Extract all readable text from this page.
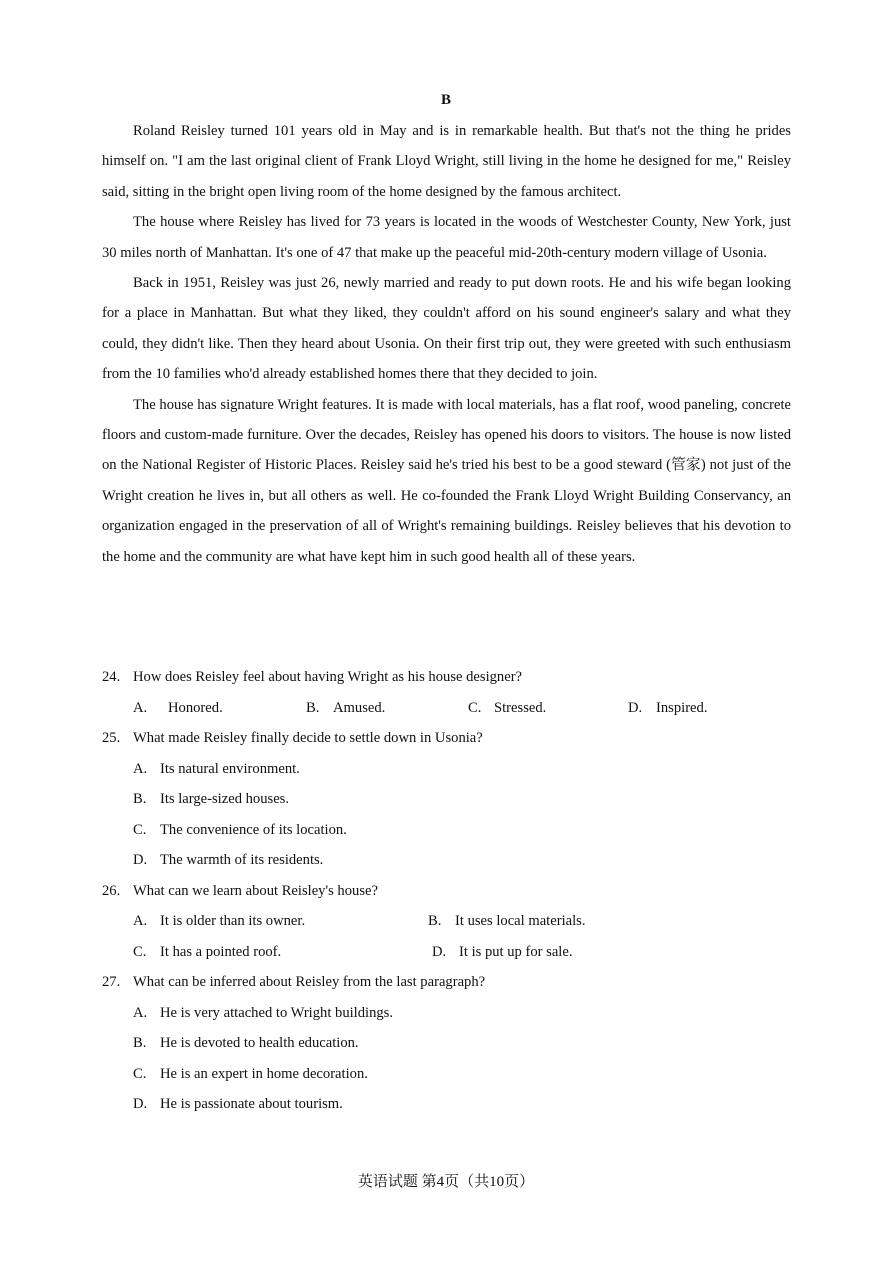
B

Roland Reisley turned 101 years old in May and is in remarkable health. But that's not the thing he prides himself on. "I am the last original client of Frank Lloyd Wright, still living in the home he designed for me," Reisley said, sitting in the bright open living room of the home designed by the famous architect.

The house where Reisley has lived for 73 years is located in the woods of Westchester County, New York, just 30 miles north of Manhattan. It's one of 47 that make up the peaceful mid-20th-century modern village of Usonia.

Back in 1951, Reisley was just 26, newly married and ready to put down roots. He and his wife began looking for a place in Manhattan. But what they liked, they couldn't afford on his sound engineer's salary and what they could, they didn't like. Then they heard about Usonia. On their first trip out, they were greeted with such enthusiasm from the 10 families who'd already established homes there that they decided to join.

The house has signature Wright features. It is made with local materials, has a flat roof, wood paneling, concrete floors and custom-made furniture. Over the decades, Reisley has opened his doors to visitors. The house is now listed on the National Register of Historic Places. Reisley said he's tried his best to be a good steward (管家) not just of the Wright creation he lives in, but all others as well. He co-founded the Frank Lloyd Wright Building Conservancy, an organization engaged in the preservation of all of Wright's remaining buildings. Reisley believes that his devotion to the home and the community are what have kept him in such good health all of these years.

24. How does Reisley feel about having Wright as his house designer?
A. Honored.	B. Amused.	C. Stressed.	D. Inspired.
25. What made Reisley finally decide to settle down in Usonia?
A. Its natural environment.
B. Its large-sized houses.
C. The convenience of its location.
D. The warmth of its residents.
26. What can we learn about Reisley's house?
A. It is older than its owner.	B. It uses local materials.
C. It has a pointed roof.	D. It is put up for sale.
27. What can be inferred about Reisley from the last paragraph?
A. He is very attached to Wright buildings.
B. He is devoted to health education.
C. He is an expert in home decoration.
D. He is passionate about tourism.
英语试题 第4页（共10页）
